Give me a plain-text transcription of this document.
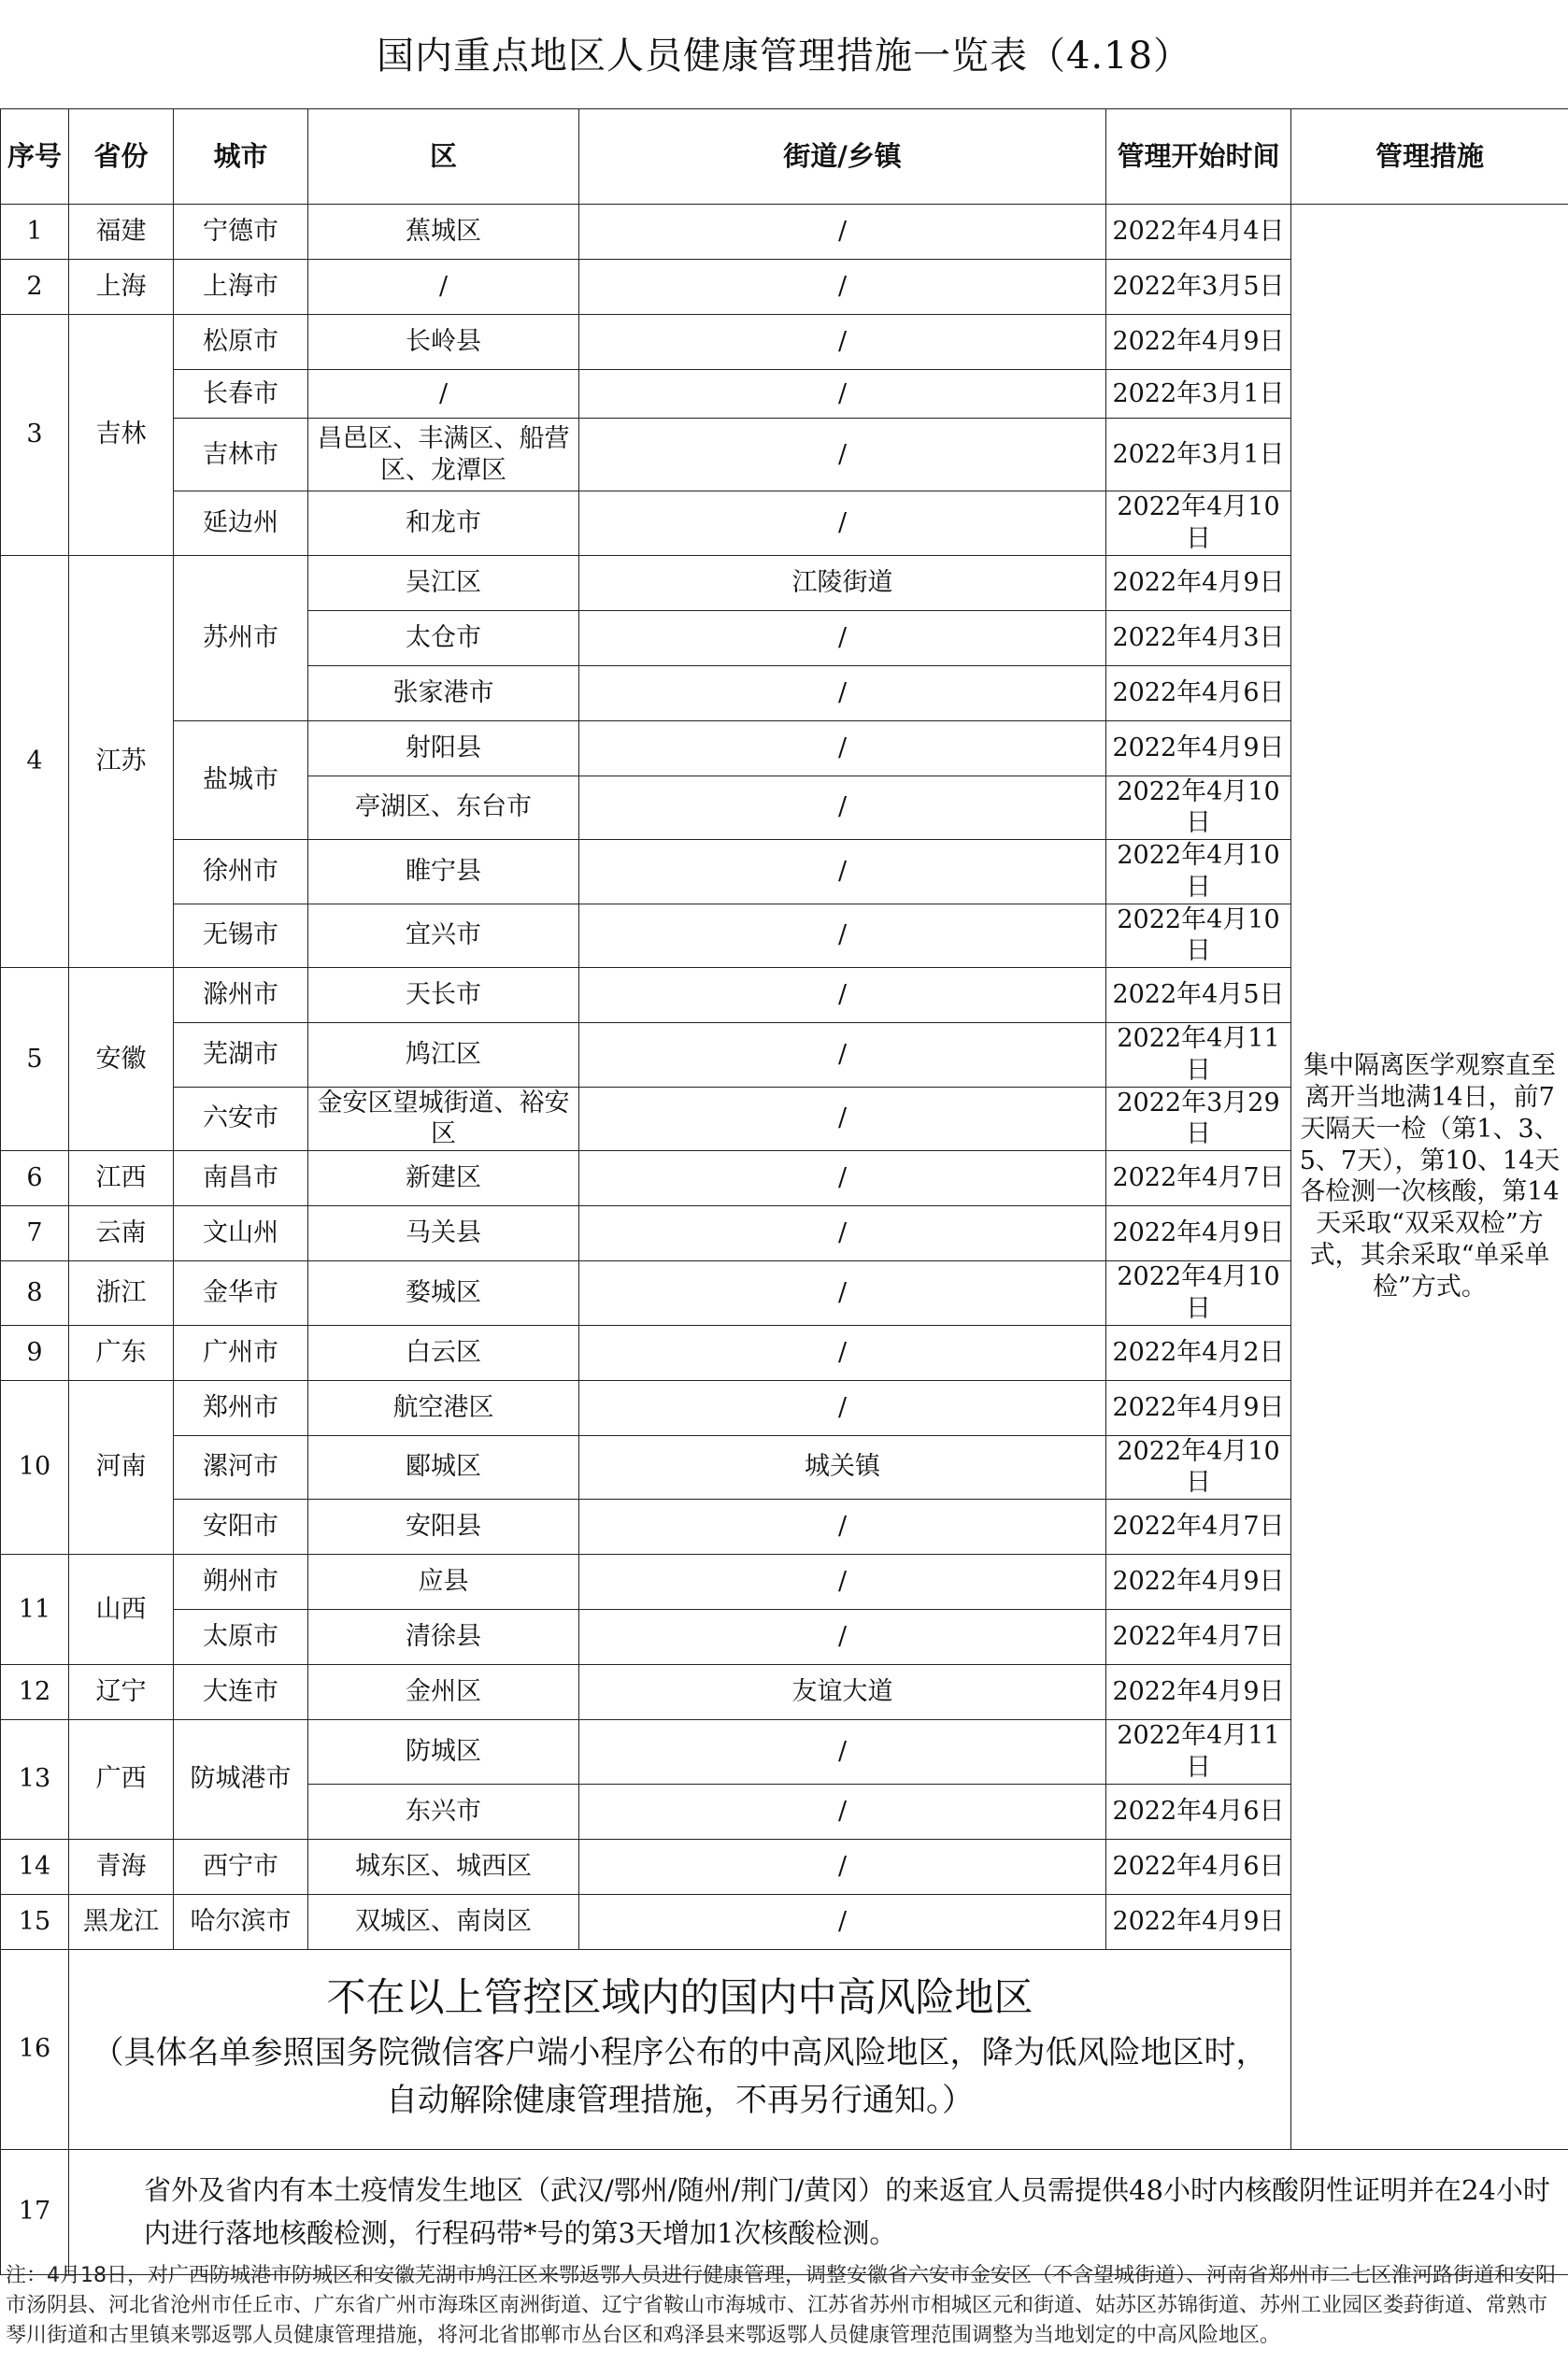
国内重点地区人员健康管理措施一览表（4.18）
序号	省份	城市	区	街道/乡镇	管理开始时间	管理措施
1	福建	宁德市	蕉城区	/	2022年4月4日	集中隔离医学观察直至离开当地满14日，前7天隔天一检（第1、3、5、7天），第10、14天各检测一次核酸，第14天采取“双采双检”方式，其余采取“单采单检”方式。
2	上海	上海市	/	/	2022年3月5日	
3	吉林	松原市	长岭县	/	2022年4月9日	
		长春市	/	/	2022年3月1日	
		吉林市	昌邑区、丰满区、船营区、龙潭区	/	2022年3月1日	
		延边州	和龙市	/	2022年4月10日	
4	江苏	苏州市	吴江区	江陵街道	2022年4月9日	
			太仓市	/	2022年4月3日	
			张家港市	/	2022年4月6日	
		盐城市	射阳县	/	2022年4月9日	
			亭湖区、东台市	/	2022年4月10日	
		徐州市	睢宁县	/	2022年4月10日	
		无锡市	宜兴市	/	2022年4月10日	
5	安徽	滁州市	天长市	/	2022年4月5日	
		芜湖市	鸠江区	/	2022年4月11日	
		六安市	金安区望城街道、裕安区	/	2022年3月29日	
6	江西	南昌市	新建区	/	2022年4月7日	
7	云南	文山州	马关县	/	2022年4月9日	
8	浙江	金华市	婺城区	/	2022年4月10日	
9	广东	广州市	白云区	/	2022年4月2日	
10	河南	郑州市	航空港区	/	2022年4月9日	
		漯河市	郾城区	城关镇	2022年4月10日	
		安阳市	安阳县	/	2022年4月7日	
11	山西	朔州市	应县	/	2022年4月9日	
		太原市	清徐县	/	2022年4月7日	
12	辽宁	大连市	金州区	友谊大道	2022年4月9日	
13	广西	防城港市	防城区	/	2022年4月11日	
			东兴市	/	2022年4月6日	
14	青海	西宁市	城东区、城西区	/	2022年4月6日	
15	黑龙江	哈尔滨市	双城区、南岗区	/	2022年4月9日	
16	不在以上管控区域内的国内中高风险地区
（具体名单参照国务院微信客户端小程序公布的中高风险地区，降为低风险地区时，自动解除健康管理措施，不再另行通知。）					

17	省外及省内有本土疫情发生地区（武汉/鄂州/随州/荆门/黄冈）的来返宜人员需提供48小时内核酸阴性证明并在24小时内进行落地核酸检测，行程码带*号的第3天增加1次核酸检测。					
注：4月18日，对广西防城港市防城区和安徽芜湖市鸠江区来鄂返鄂人员进行健康管理，调整安徽省六安市金安区（不含望城街道）、河南省郑州市二七区淮河路街道和安阳市汤阴县、河北省沧州市任丘市、广东省广州市海珠区南洲街道、辽宁省鞍山市海城市、江苏省苏州市相城区元和街道、姑苏区苏锦街道、苏州工业园区娄葑街道、常熟市琴川街道和古里镇来鄂返鄂人员健康管理措施，将河北省邯郸市丛台区和鸡泽县来鄂返鄂人员健康管理范围调整为当地划定的中高风险地区。
